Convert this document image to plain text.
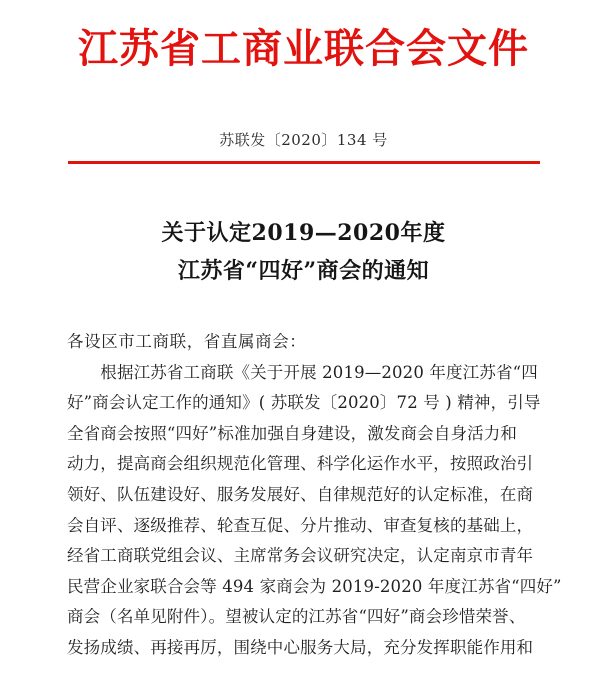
江苏省工商业联合会文件
苏联发〔2020〕134 号
关于认定2019—2020年度
江苏省“四好”商会的通知
各设区市工商联，省直属商会：
　　根据江苏省工商联《关于开展 2019—2020 年度江苏省“四
好”商会认定工作的通知》( 苏联发〔2020〕72 号 ) 精神，引导
全省商会按照“四好”标准加强自身建设，激发商会自身活力和
动力，提高商会组织规范化管理、科学化运作水平，按照政治引
领好、队伍建设好、服务发展好、自律规范好的认定标准，在商
会自评、逐级推荐、轮查互促、分片推动、审查复核的基础上，
经省工商联党组会议、主席常务会议研究决定，认定南京市青年
民营企业家联合会等 494 家商会为 2019-2020 年度江苏省“四好”
商会（名单见附件）。望被认定的江苏省“四好”商会珍惜荣誉、
发扬成绩、再接再厉，围绕中心服务大局，充分发挥职能作用和
